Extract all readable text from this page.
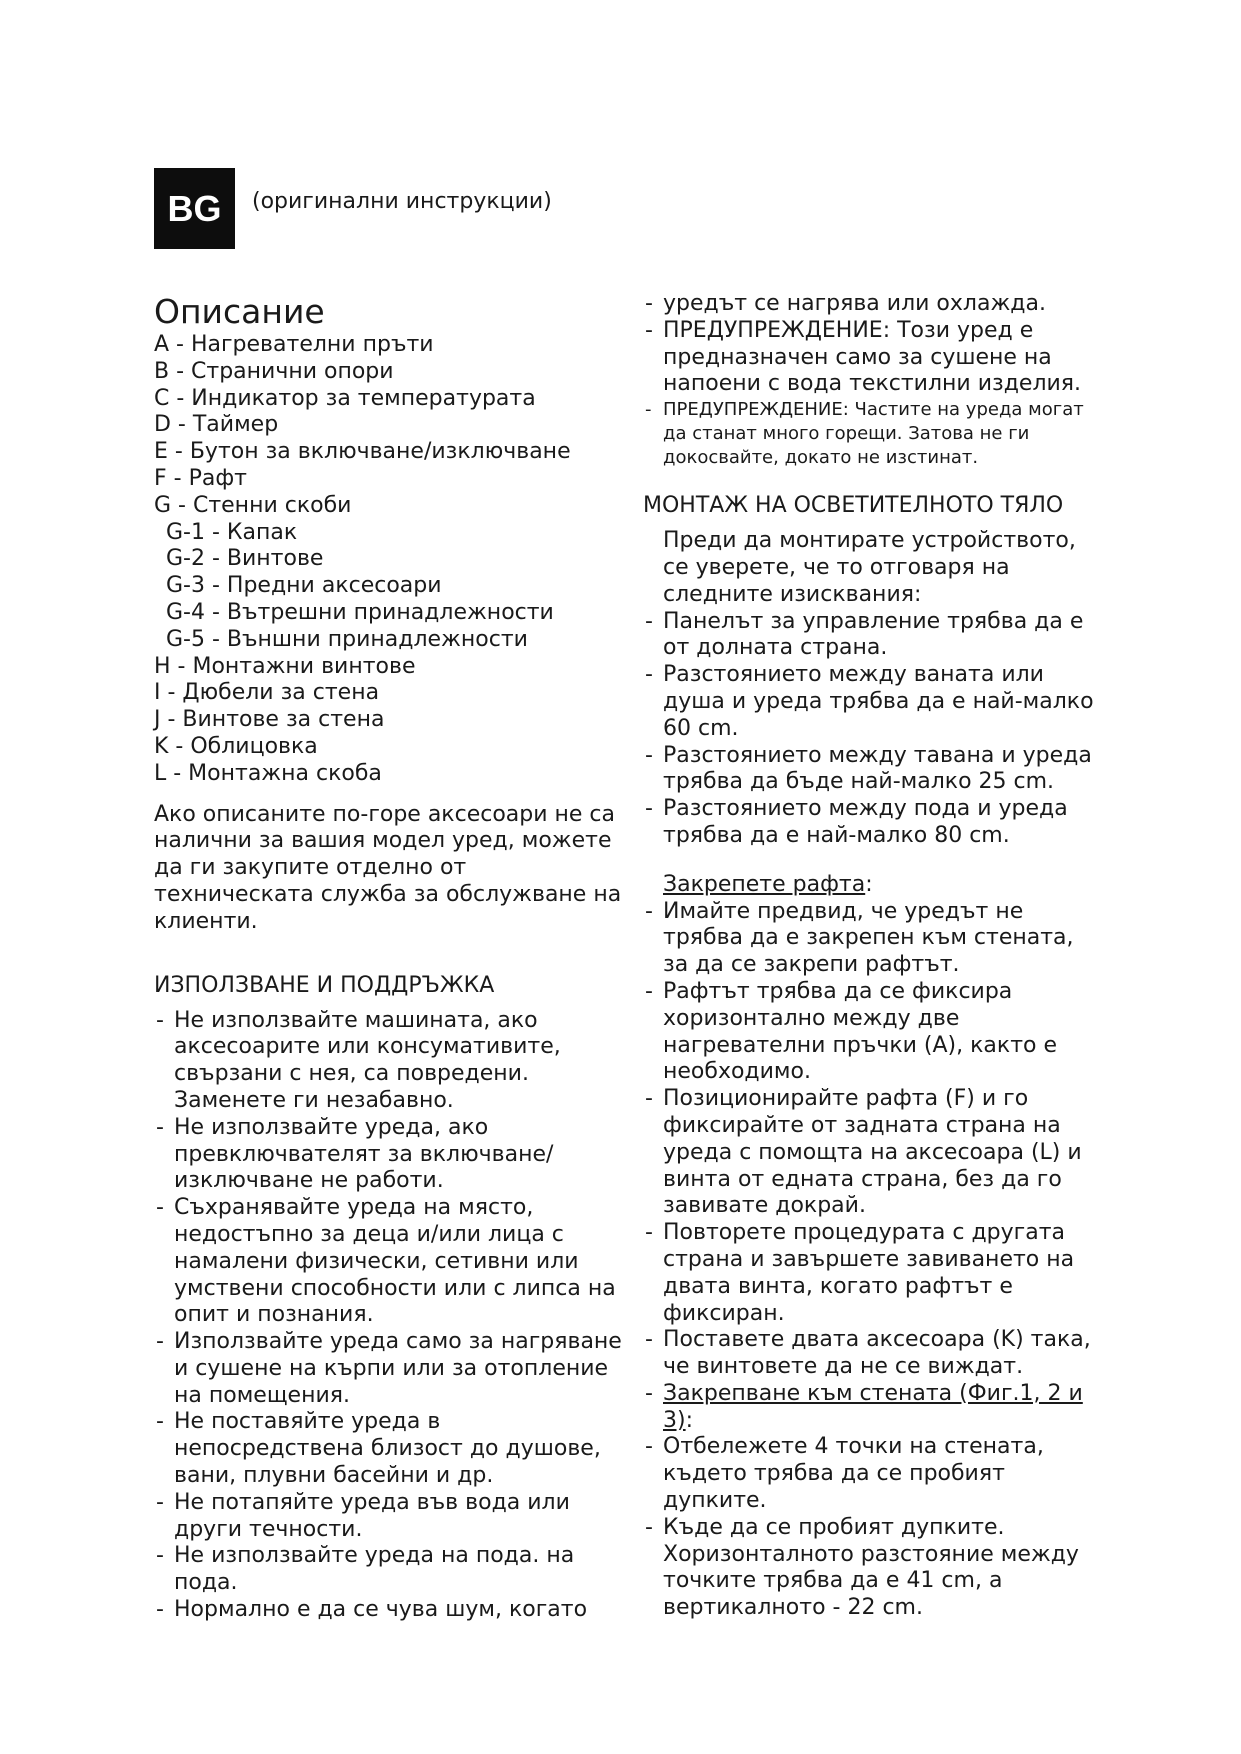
BG (оригинални инструкции)
Описание

A - Нагревателни пръти

B - Странични опори

C - Индикатор за температурата

D - Таймер

E - Бутон за включване/изключване

F - Рафт

G - Стенни скоби

G-1 - Капак

G-2 - Винтове

G-3 - Предни аксесоари

G-4 - Вътрешни принадлежности

G-5 - Външни принадлежности

H - Монтажни винтове

I - Дюбели за стена

J - Винтове за стена

K - Облицовка

L - Монтажна скоба

Ако описаните по-горе аксесоари не са налични за вашия модел уред, можете да ги закупите отделно от техническата служба за обслужване на клиенти.

ИЗПОЛЗВАНЕ И ПОДДРЪЖКА
- Не използвайте машината, ако аксесоарите или консумативите, свързани с нея, са повредени. Заменете ги незабавно.
- Не използвайте уреда, ако превключвателят за включване/ изключване не работи.
- Съхранявайте уреда на място, недостъпно за деца и/или лица с намалени физически, сетивни или умствени способности или с липса на опит и познания.
- Използвайте уреда само за нагряване и сушене на кърпи или за отопление на помещения.
- Не поставяйте уреда в непосредствена близост до душове, вани, плувни басейни и др.
- Не потапяйте уреда във вода или други течности.
- Не използвайте уреда на пода. на пода.
- Нормално е да се чува шум, когато
- уредът се нагрява или охлажда.
- ПРЕДУПРЕЖДЕНИЕ: Този уред е предназначен само за сушене на напоени с вода текстилни изделия.
- ПРЕДУПРЕЖДЕНИЕ: Частите на уреда могат да станат много горещи. Затова не ги докосвайте, докато не изстинат.
МОНТАЖ НА ОСВЕТИТЕЛНОТО ТЯЛО

Преди да монтирате устройството, се уверете, че то отговаря на следните изисквания:

- Панелът за управление трябва да е от долната страна.
- Разстоянието между ваната или душа и уреда трябва да е най-малко 60 cm.
- Разстоянието между тавана и уреда трябва да бъде най-малко 25 cm.
- Разстоянието между пода и уреда трябва да е най-малко 80 cm.

Закрепете рафта:

- Имайте предвид, че уредът не трябва да е закрепен към стената, за да се закрепи рафтът.
- Рафтът трябва да се фиксира хоризонтално между две нагревателни пръчки (A), както е необходимо.
- Позиционирайте рафта (F) и го фиксирайте от задната страна на уреда с помощта на аксесоара (L) и винта от едната страна, без да го завивате докрай.
- Повторете процедурата с другата страна и завършете завиването на двата винта, когато рафтът е фиксиран.
- Поставете двата аксесоара (K) така, че винтовете да не се виждат.
- Закрепване към стената (Фиг.1, 2 и 3):
- Отбележете 4 точки на стената, където трябва да се пробият дупките.
- Къде да се пробият дупките. Хоризонталното разстояние между точките трябва да е 41 cm, а вертикалното - 22 cm.
